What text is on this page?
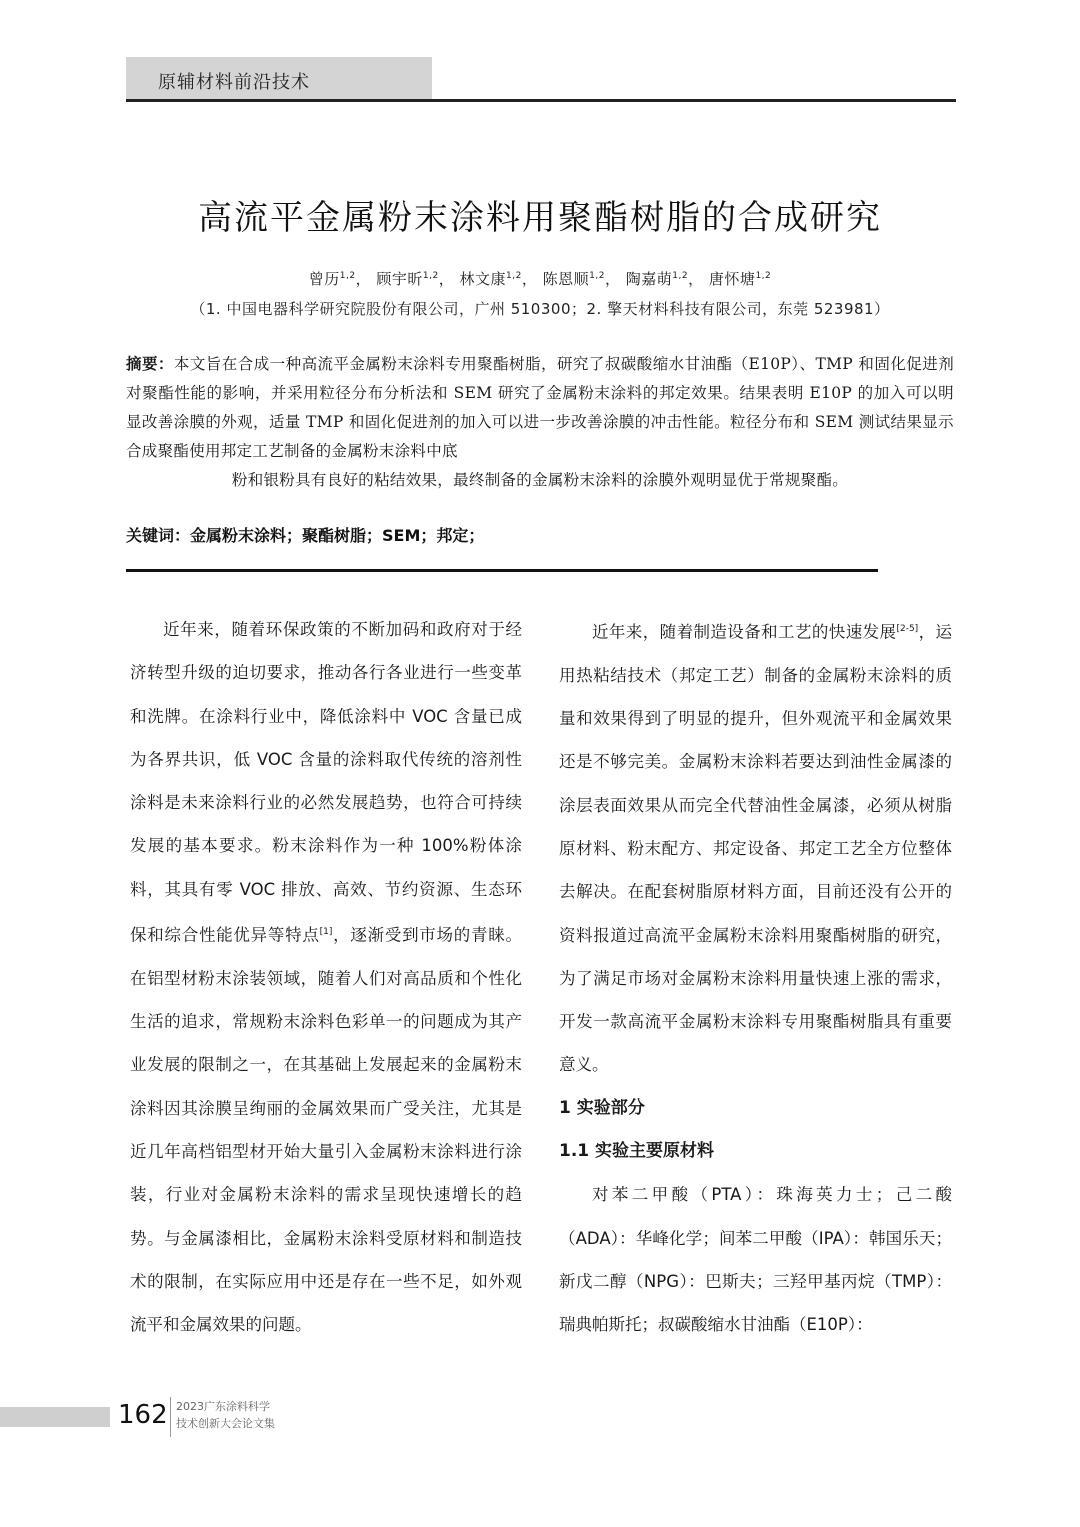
原辅材料前沿技术
高流平金属粉末涂料用聚酯树脂的合成研究
曾历$^{1,2}$， 顾宇昕$^{1,2}$， 林文康$^{1,2}$， 陈恩顺$^{1,2}$， 陶嘉萌$^{1,2}$， 唐怀塘$^{1,2}$
（1. 中国电器科学研究院股份有限公司，广州 510300；2. 擎天材料科技有限公司，东莞 523981）
摘要：本文旨在合成一种高流平金属粉末涂料专用聚酯树脂，研究了叔碳酸缩水甘油酯（E10P）、TMP 和固化促进剂对聚酯性能的影响，并采用粒径分布分析法和 SEM 研究了金属粉末涂料的邦定效果。结果表明 E10P 的加入可以明显改善涂膜的外观，适量 TMP 和固化促进剂的加入可以进一步改善涂膜的冲击性能。粒径分布和 SEM 测试结果显示合成聚酯使用邦定工艺制备的金属粉末涂料中底
粉和银粉具有良好的粘结效果，最终制备的金属粉末涂料的涂膜外观明显优于常规聚酯。
关键词：金属粉末涂料；聚酯树脂；SEM；邦定；

近年来，随着环保政策的不断加码和政府对于经济转型升级的迫切要求，推动各行各业进行一些变革和洗牌。在涂料行业中，降低涂料中 VOC 含量已成为各界共识，低 VOC 含量的涂料取代传统的溶剂性涂料是未来涂料行业的必然发展趋势，也符合可持续发展的基本要求。粉末涂料作为一种 100%粉体涂料，其具有零 VOC 排放、高效、节约资源、生态环保和综合性能优异等特点[1]，逐渐受到市场的青睐。在铝型材粉末涂装领域，随着人们对高品质和个性化生活的追求，常规粉末涂料色彩单一的问题成为其产业发展的限制之一，在其基础上发展起来的金属粉末涂料因其涂膜呈绚丽的金属效果而广受关注，尤其是近几年高档铝型材开始大量引入金属粉末涂料进行涂装，行业对金属粉末涂料的需求呈现快速增长的趋势。与金属漆相比，金属粉末涂料受原材料和制造技术的限制，在实际应用中还是存在一些不足，如外观流平和金属效果的问题。

近年来，随着制造设备和工艺的快速发展[2-5]，运用热粘结技术（邦定工艺）制备的金属粉末涂料的质量和效果得到了明显的提升，但外观流平和金属效果还是不够完美。金属粉末涂料若要达到油性金属漆的涂层表面效果从而完全代替油性金属漆，必须从树脂原材料、粉末配方、邦定设备、邦定工艺全方位整体去解决。在配套树脂原材料方面，目前还没有公开的资料报道过高流平金属粉末涂料用聚酯树脂的研究，为了满足市场对金属粉末涂料用量快速上涨的需求，开发一款高流平金属粉末涂料专用聚酯树脂具有重要意义。

1 实验部分
1.1 实验主要原材料

对苯二甲酸（PTA）：珠海英力士；己二酸（ADA）：华峰化学；间苯二甲酸（IPA）：韩国乐天；新戊二醇（NPG）：巴斯夫；三羟甲基丙烷（TMP）：瑞典帕斯托；叔碳酸缩水甘油酯（E10P）：

162 2023广东涂料科学
技术创新大会论文集
